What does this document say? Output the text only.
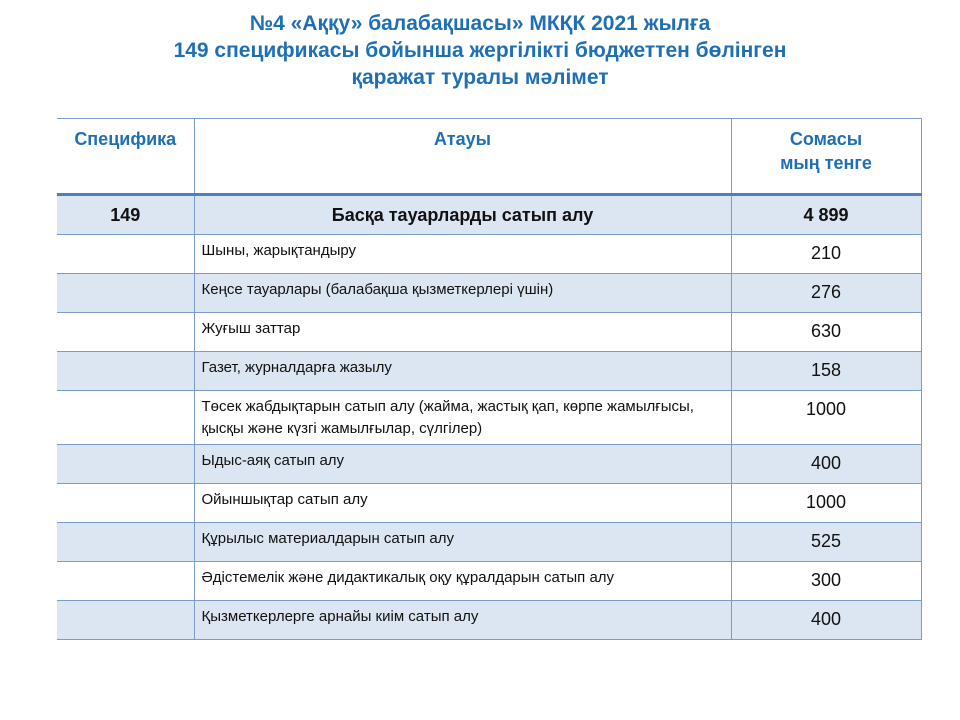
№4 «Аққу» балабақшасы» МКҚК 2021 жылға
149 спецификасы бойынша жергілікті бюджеттен бөлінген
қаражат туралы мәлімет
Специфика	Атауы	Сомасы
мың тенге

149	Басқа тауарларды сатып алу	4 899
	Шыны, жарықтандыру	210
	Кеңсе тауарлары (балабақша қызметкерлері үшін)	276
	Жуғыш заттар	630
	Газет, журналдарға жазылу	158
	Төсек жабдықтарын сатып алу (жайма, жастық қап, көрпе жамылғысы, қысқы және күзгі жамылғылар, сүлгілер)	1000
	Ыдыс-аяқ сатып алу	400
	Ойыншықтар сатып алу	1000
	Құрылыс материалдарын сатып алу	525
	Әдістемелік және дидактикалық оқу құралдарын сатып алу	300
	Қызметкерлерге арнайы киім сатып алу	400
